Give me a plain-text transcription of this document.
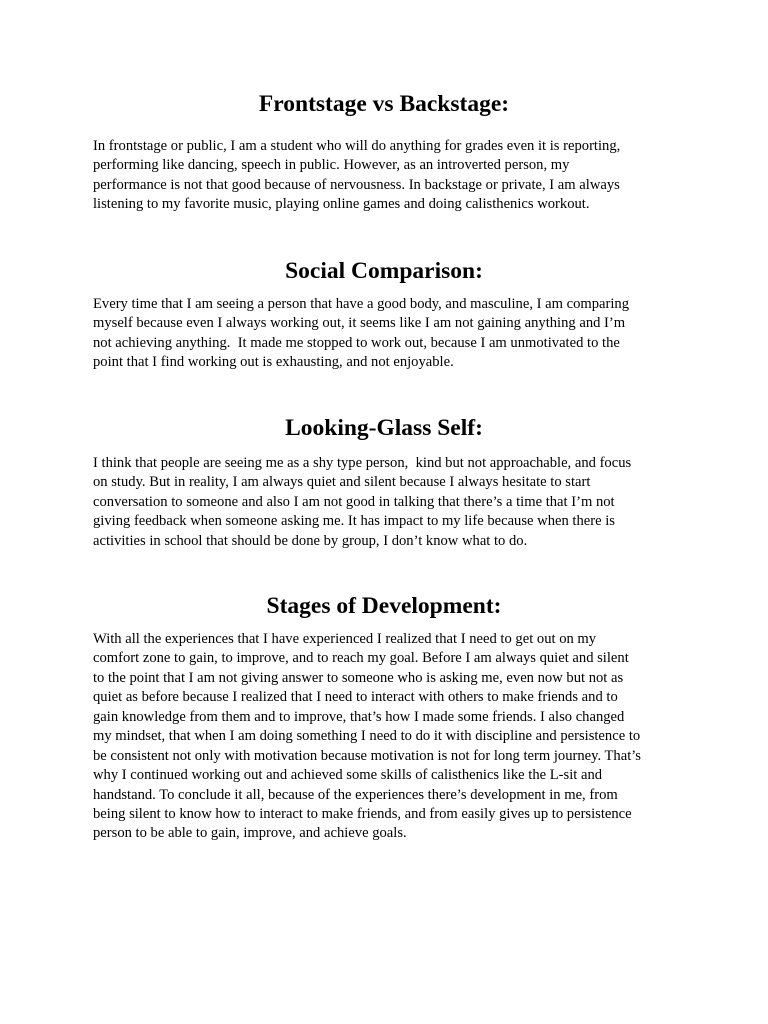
Frontstage vs Backstage:
In frontstage or public, I am a student who will do anything for grades even it is reporting,
performing like dancing, speech in public. However, as an introverted person, my
performance is not that good because of nervousness. In backstage or private, I am always
listening to my favorite music, playing online games and doing calisthenics workout.
Social Comparison:
Every time that I am seeing a person that have a good body, and masculine, I am comparing
myself because even I always working out, it seems like I am not gaining anything and I’m
not achieving anything.  It made me stopped to work out, because I am unmotivated to the
point that I find working out is exhausting, and not enjoyable.
Looking-Glass Self:
I think that people are seeing me as a shy type person,  kind but not approachable, and focus
on study. But in reality, I am always quiet and silent because I always hesitate to start
conversation to someone and also I am not good in talking that there’s a time that I’m not
giving feedback when someone asking me. It has impact to my life because when there is
activities in school that should be done by group, I don’t know what to do.
Stages of Development:
With all the experiences that I have experienced I realized that I need to get out on my
comfort zone to gain, to improve, and to reach my goal. Before I am always quiet and silent
to the point that I am not giving answer to someone who is asking me, even now but not as
quiet as before because I realized that I need to interact with others to make friends and to
gain knowledge from them and to improve, that’s how I made some friends. I also changed
my mindset, that when I am doing something I need to do it with discipline and persistence to
be consistent not only with motivation because motivation is not for long term journey. That’s
why I continued working out and achieved some skills of calisthenics like the L-sit and
handstand. To conclude it all, because of the experiences there’s development in me, from
being silent to know how to interact to make friends, and from easily gives up to persistence
person to be able to gain, improve, and achieve goals.
